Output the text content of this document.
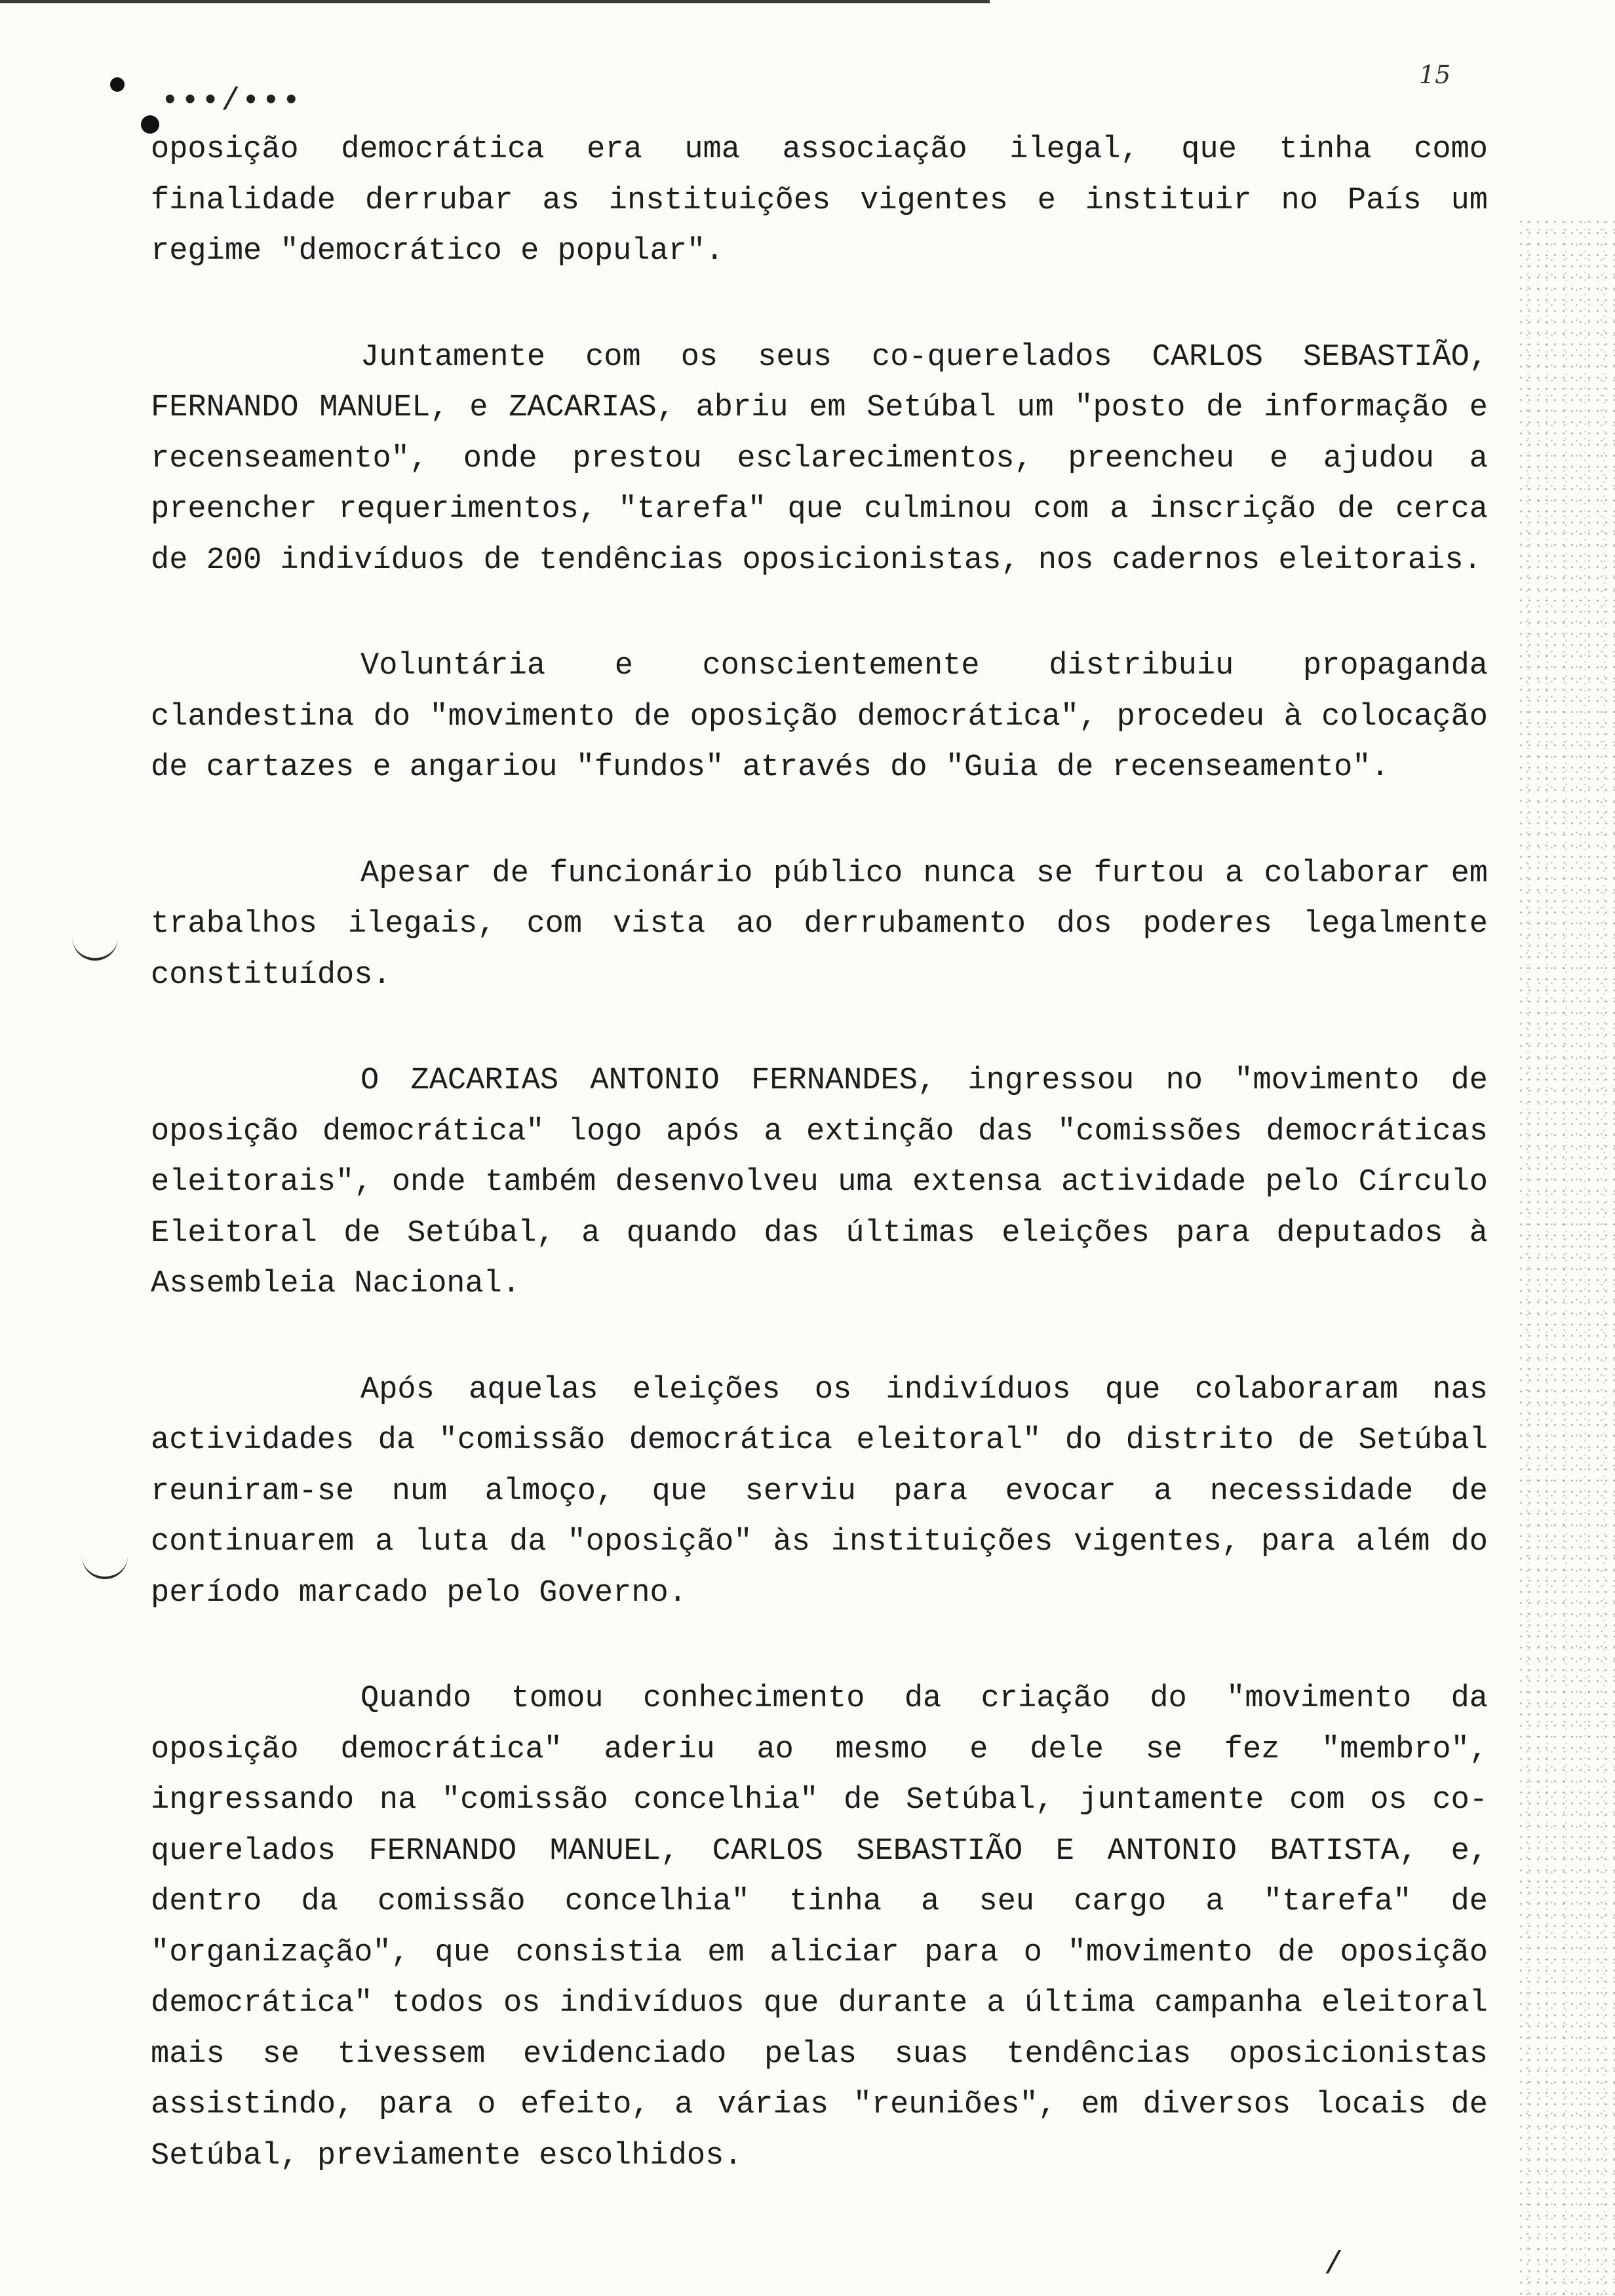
15
•••/•••

oposição democrática era uma associação ilegal, que tinha como finalidade derrubar as instituições vigentes e instituir no País um regime "democrático e popular".

Juntamente com os seus co-querelados CARLOS SEBASTIÃO, FERNANDO MANUEL, e ZACARIAS, abriu em Setúbal um "posto de informação e recenseamento", onde prestou esclarecimentos, preencheu e ajudou a preencher requerimentos, "tarefa" que culminou com a inscrição de cerca de 200 indivíduos de tendências oposicionistas, nos cadernos eleitorais.

Voluntária e conscientemente distribuiu propaganda clandestina do "movimento de oposição democrática", procedeu à colocação de cartazes e angariou "fundos" através do "Guia de recenseamento".

Apesar de funcionário público nunca se furtou a colaborar em trabalhos ilegais, com vista ao derrubamento dos poderes legalmente constituídos.

O ZACARIAS ANTONIO FERNANDES, ingressou no "movimento de oposição democrática" logo após a extinção das "comissões democráticas eleitorais", onde também desenvolveu uma extensa actividade pelo Círculo Eleitoral de Setúbal, a quando das últimas eleições para deputados à Assembleia Nacional.

Após aquelas eleições os indivíduos que colaboraram nas actividades da "comissão democrática eleitoral" do distrito de Setúbal reuniram-se num almoço, que serviu para evocar a necessidade de continuarem a luta da "oposição" às instituições vigentes, para além do período marcado pelo Governo.

Quando tomou conhecimento da criação do "movimento da oposição democrática" aderiu ao mesmo e dele se fez "membro", ingressando na "comissão concelhia" de Setúbal, juntamente com os co-querelados FERNANDO MANUEL, CARLOS SEBASTIÃO E ANTONIO BATISTA, e, dentro da comissão concelhia" tinha a seu cargo a "tarefa" de "organização", que consistia em aliciar para o "movimento de oposição democrática" todos os indivíduos que durante a última campanha eleitoral mais se tivessem evidenciado pelas suas tendências oposicionistas assistindo, para o efeito, a várias "reuniões", em diversos locais de Setúbal, previamente escolhidos.

/
